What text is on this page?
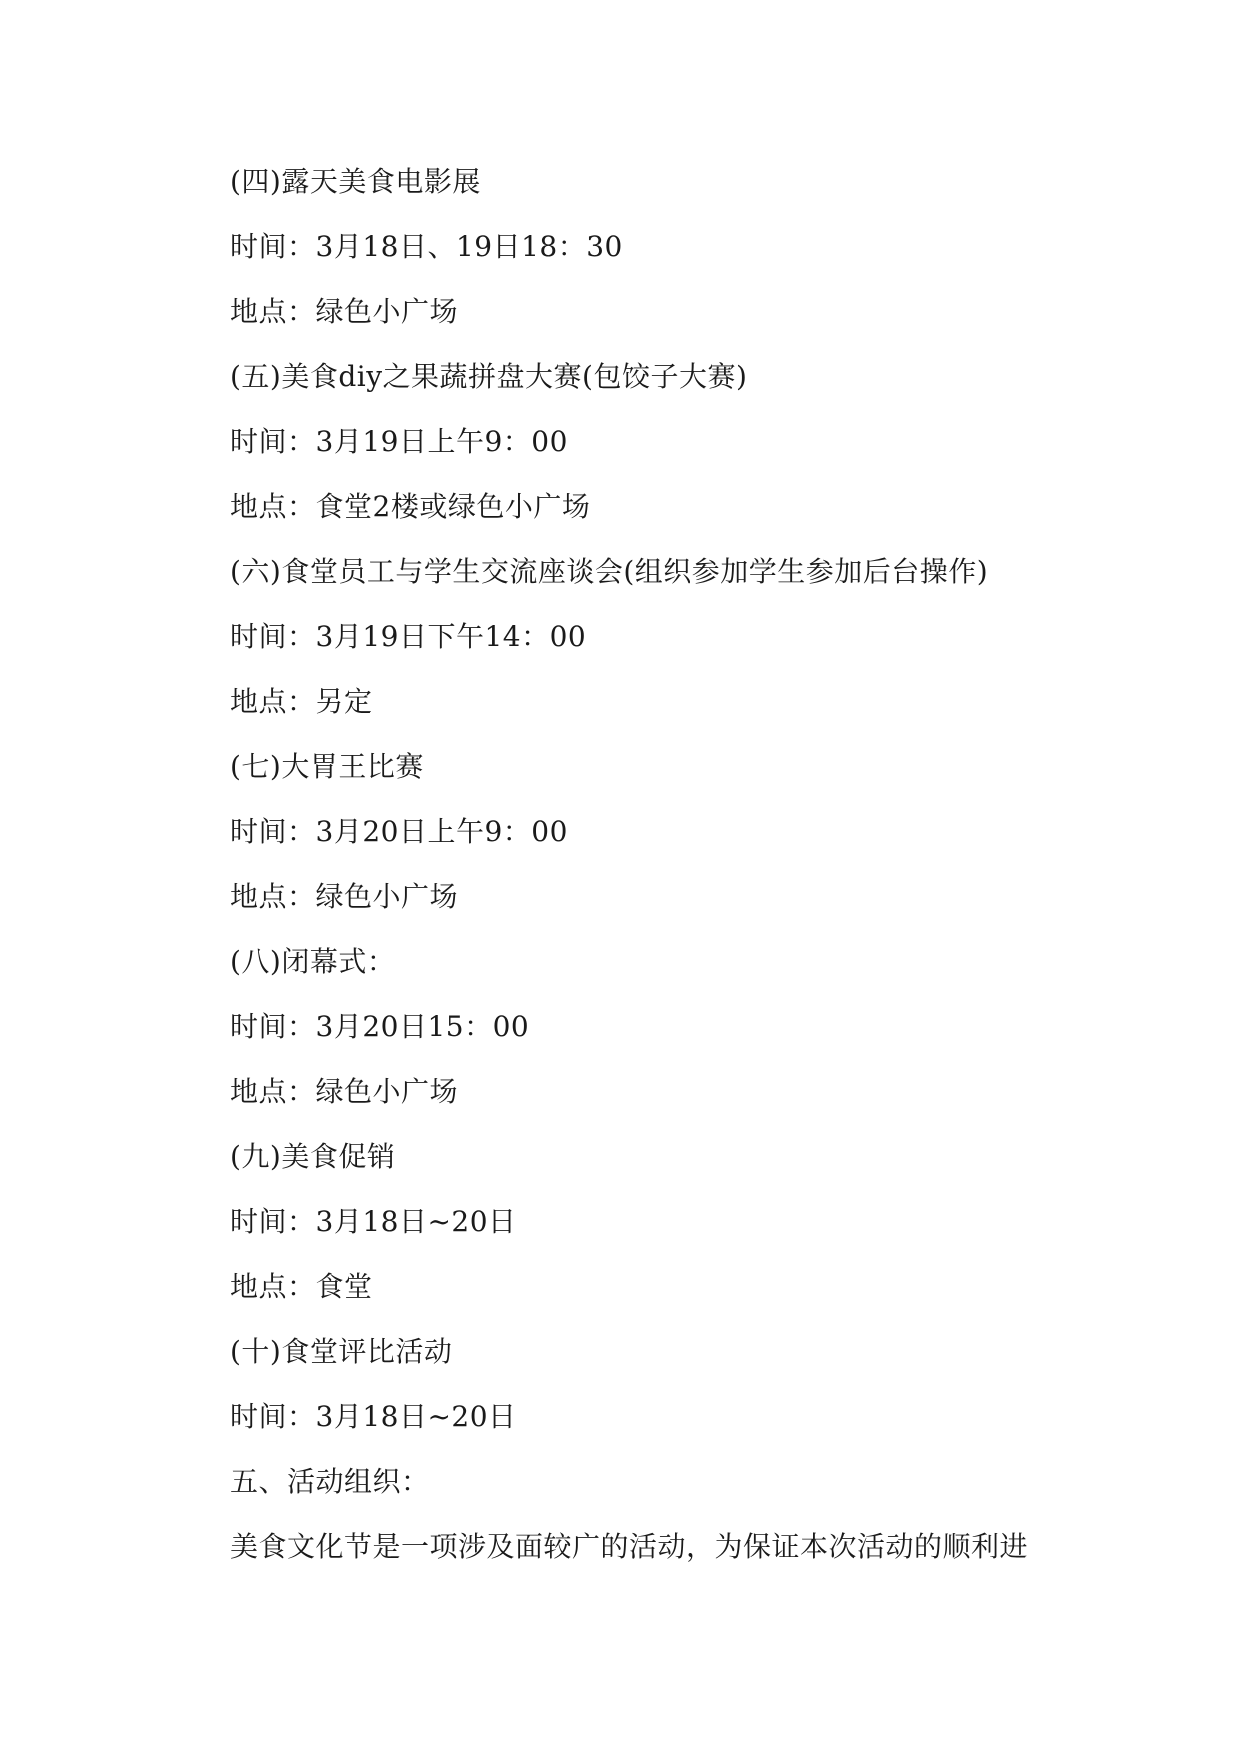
(四)露天美食电影展
时间：3月18日、19日18：30
地点：绿色小广场
(五)美食diy之果蔬拼盘大赛(包饺子大赛)
时间：3月19日上午9：00
地点：食堂2楼或绿色小广场
(六)食堂员工与学生交流座谈会(组织参加学生参加后台操作)
时间：3月19日下午14：00
地点：另定
(七)大胃王比赛
时间：3月20日上午9：00
地点：绿色小广场
(八)闭幕式：
时间：3月20日15：00
地点：绿色小广场
(九)美食促销
时间：3月18日~20日
地点：食堂
(十)食堂评比活动
时间：3月18日~20日
五、活动组织：
美食文化节是一项涉及面较广的活动，为保证本次活动的顺利进
